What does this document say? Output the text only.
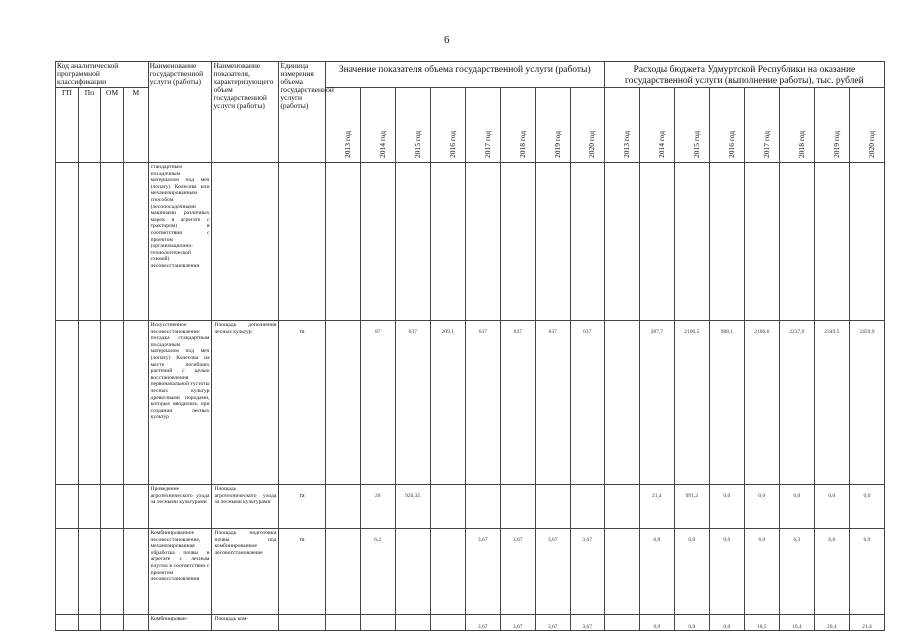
6
Код аналитической программной классификации				Наименование государственной услуги (работы)	Наименование показателя, характеризующего объем государственной услуги (работы)	Единица измерения объема государственной услуги (работы)	Значение показателя объема государственной услуги (работы)								Расходы бюджета Удмуртской Республики на оказание государственной услуги (выполнение работы), тыс. рублей							
ГП	Пп	ОМ	М				2013 год	2014 год	2015 год	2016 год	2017 год	2018 год	2019 год	2020 год	2013 год	2014 год	2015 год	2016 год	2017 год	2018 год	2019 год	2020 год

				стандартным посадочным материалом под меч (лопату) Колесова или механизированным способом (лесопосадочными машинами различных марок в агрегате с трактором) в соответствии с проектом (организационно-технологической схемой) лесовосстановления																		
				Искусственное лесовосстановление: посадка стандартным посадочным материалом под меч (лопату) Колесова на месте погибших растений с целью восстановления первоначальной густоты лесных культур древесными породами, которые вводились при создании лесных культур	Площадь дополнения лесных культур	га		87	637	209,1	637	637	637	637		287,7	2106,5	988,1	2106,6	2237,0	2349,5	2459,9
				Проведение агротехнического ухода за лесными культурами	Площадь агротехнического ухода за лесными культурами	га		20	926,35							21,4	991,2	0,0	0,0	0,0	0,0	0,0
				Комбинированное лесовосстановление, механизированная обработка почвы в агрегате с лесным плугом в соответствии с проектом лесовосстановления	Площадь подготовки почвы под комбинированное лесовосстановление	га		6,2			3,67	3,67	3,67	3,67		6,8	0,0	0,0	6,0	6,3	6,6	6,9
				Комбинирован-	Площадь ком-						3,67	3,67	3,67	3,67		9,0	0,0	0,0	18,5	19,4	20,4	21,4
